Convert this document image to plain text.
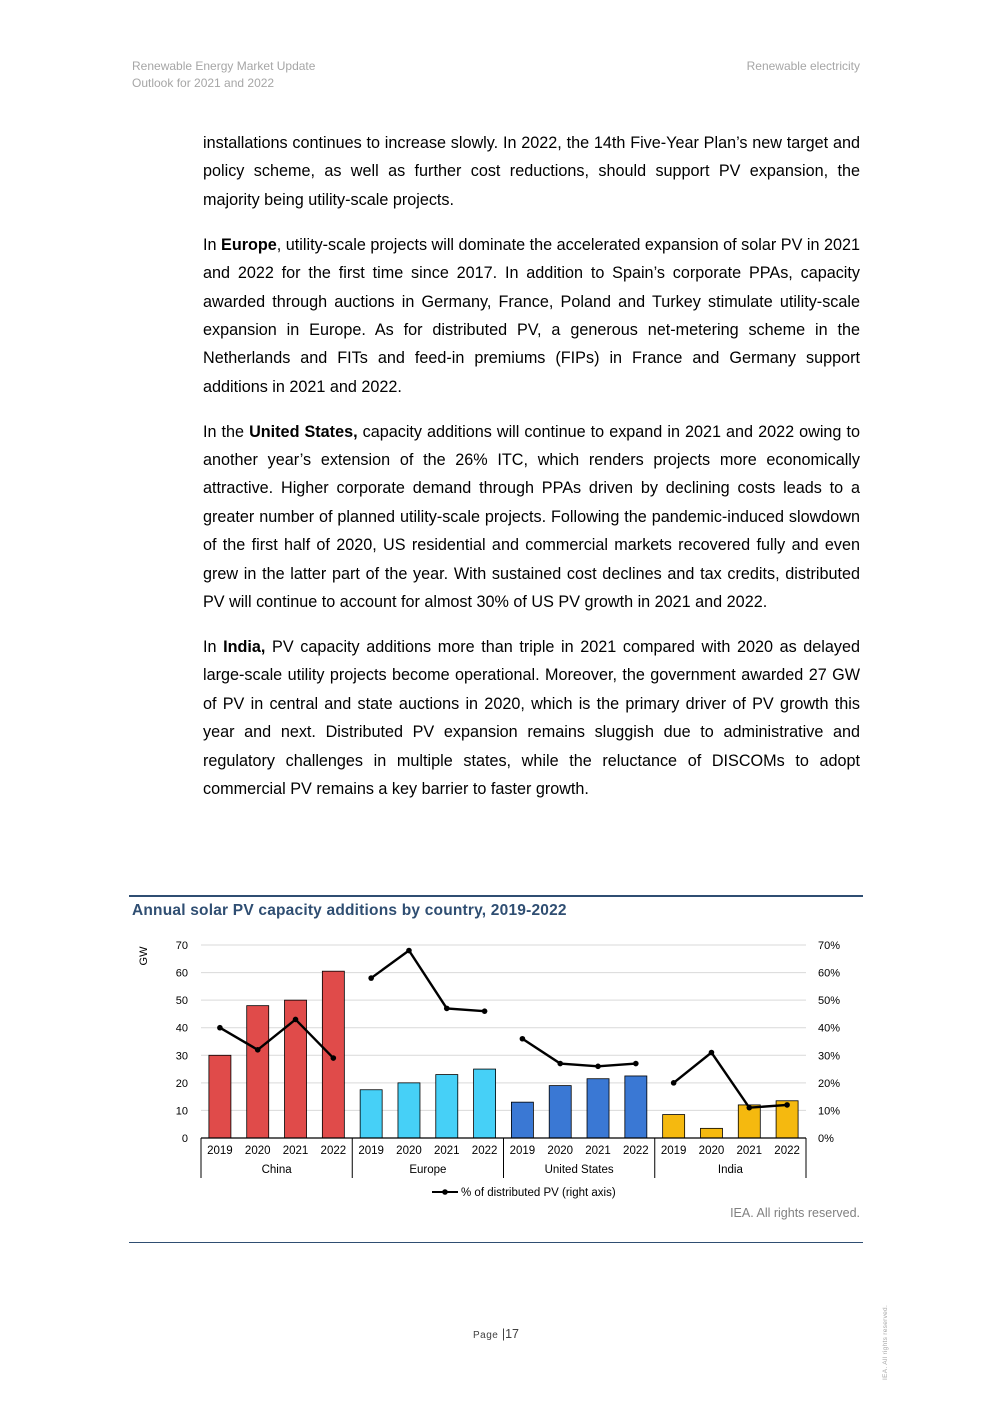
Renewable Energy Market Update
Outlook for 2021 and 2022
Renewable electricity

installations continues to increase slowly. In 2022, the 14th Five-Year Plan’s new target and policy scheme, as well as further cost reductions, should support PV expansion, the majority being utility-scale projects.

In Europe, utility-scale projects will dominate the accelerated expansion of solar PV in 2021 and 2022 for the first time since 2017. In addition to Spain’s corporate PPAs, capacity awarded through auctions in Germany, France, Poland and Turkey stimulate utility-scale expansion in Europe. As for distributed PV, a generous net-metering scheme in the Netherlands and FITs and feed-in premiums (FIPs) in France and Germany support additions in 2021 and 2022.

In the United States, capacity additions will continue to expand in 2021 and 2022 owing to another year’s extension of the 26% ITC, which renders projects more economically attractive. Higher corporate demand through PPAs driven by declining costs leads to a greater number of planned utility-scale projects. Following the pandemic-induced slowdown of the first half of 2020, US residential and commercial markets recovered fully and even grew in the latter part of the year. With sustained cost declines and tax credits, distributed PV will continue to account for almost 30% of US PV growth in 2021 and 2022.

In India, PV capacity additions more than triple in 2021 compared with 2020 as delayed large-scale utility projects become operational. Moreover, the government awarded 27 GW of PV in central and state auctions in 2020, which is the primary driver of PV growth this year and next. Distributed PV expansion remains sluggish due to administrative and regulatory challenges in multiple states, while the reluctance of DISCOMs to adopt commercial PV remains a key barrier to faster growth.

Annual solar PV capacity additions by country, 2019-2022
0
10
20
30
40
50
60
70
0%
10%
20%
30%
40%
50%
60%
70%
GW
2019 2020 2021 2022
China
2019 2020 2021 2022
Europe
2019 2020 2021 2022
United States
2019 2020 2021 2022
India
% of distributed PV (right axis)
IEA. All rights reserved.
Page |17	IEA. All rights reserved.
